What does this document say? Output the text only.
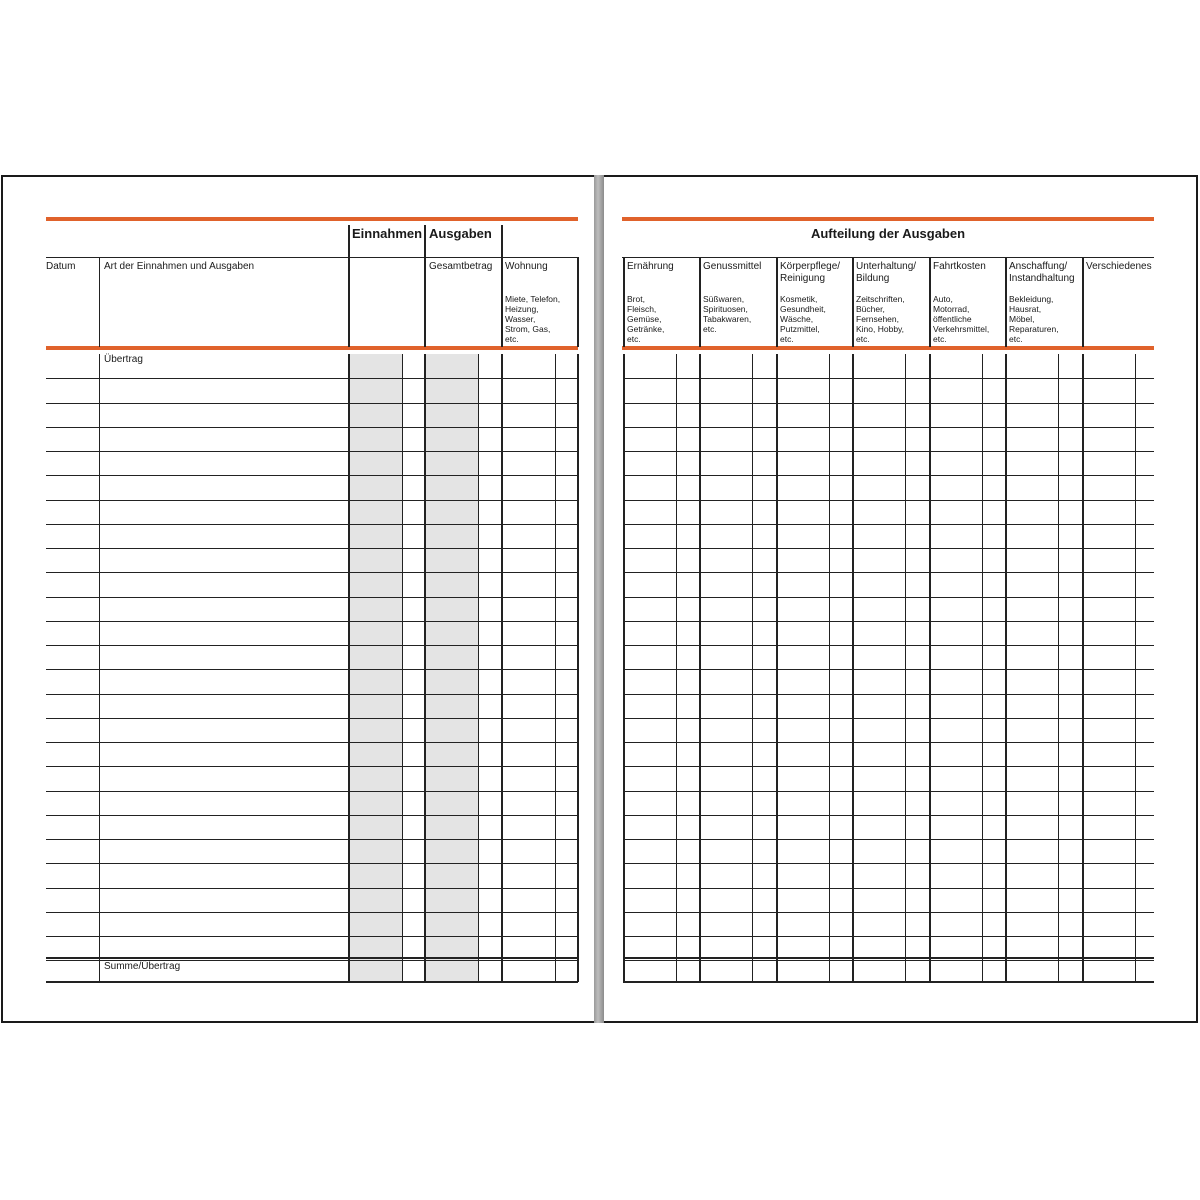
Einnahmen Ausgaben
Datum	Art der Einnahmen und Ausgaben	Gesamtbetrag Wohnung
Miete, Telefon,
Heizung,
Wasser,
Strom, Gas,
etc.
Übertrag
Summe/Übertrag
Aufteilung der Ausgaben
Ernährung
Brot,
Fleisch,
Gemüse,
Getränke,
etc.
Genussmittel
Süßwaren,
Spirituosen,
Tabakwaren,
etc.
Körperpflege/
Reinigung
Kosmetik,
Gesundheit,
Wäsche,
Putzmittel,
etc.
Unterhaltung/
Bildung
Zeitschriften,
Bücher,
Fernsehen,
Kino, Hobby,
etc.
Fahrtkosten
Auto,
Motorrad,
öffentliche
Verkehrsmittel,
etc.
Anschaffung/
Instandhaltung
Bekleidung,
Hausrat,
Möbel,
Reparaturen,
etc.
Verschiedenes
